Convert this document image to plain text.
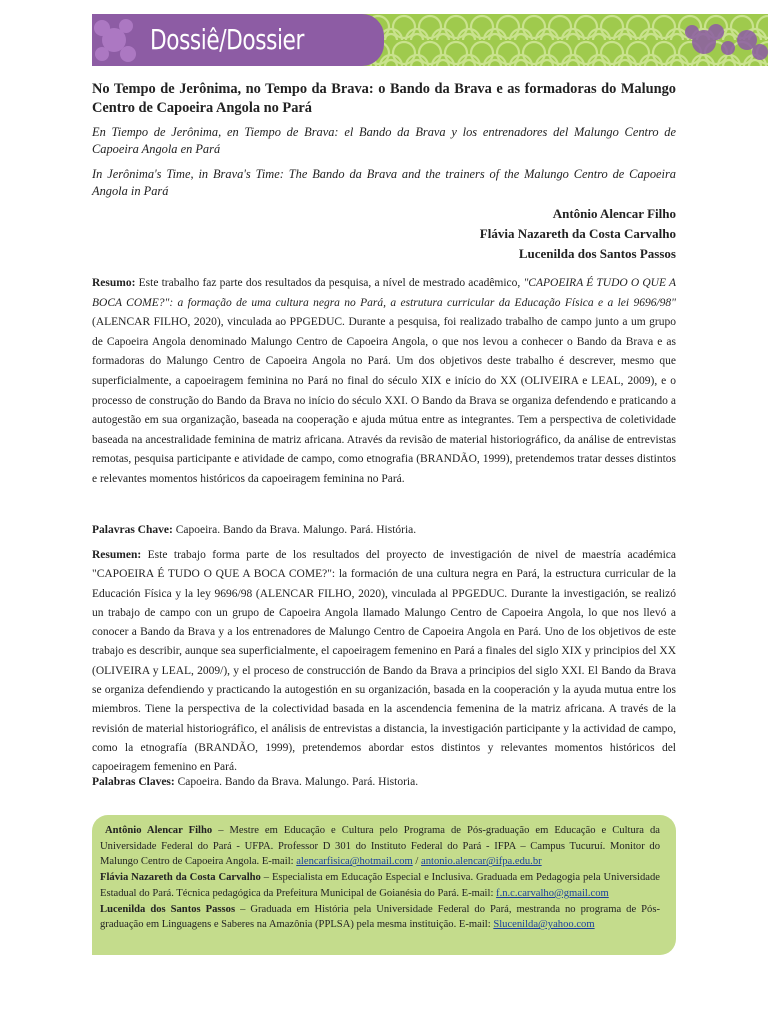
Dossiê/Dossier
No Tempo de Jerônima, no Tempo da Brava: o Bando da Brava e as formadoras do Malungo Centro de Capoeira Angola no Pará
En Tiempo de Jerônima, en Tiempo de Brava: el Bando da Brava y los entrenadores del Malungo Centro de Capoeira Angola en Pará
In Jerônima's Time, in Brava's Time: The Bando da Brava and the trainers of the Malungo Centro de Capoeira Angola in Pará
Antônio Alencar Filho
Flávia Nazareth da Costa Carvalho
Lucenilda dos Santos Passos
Resumo: Este trabalho faz parte dos resultados da pesquisa, a nível de mestrado acadêmico, "CAPOEIRA É TUDO O QUE A BOCA COME?": a formação de uma cultura negra no Pará, a estrutura curricular da Educação Física e a lei 9696/98" (ALENCAR FILHO, 2020), vinculada ao PPGEDUC. Durante a pesquisa, foi realizado trabalho de campo junto a um grupo de Capoeira Angola denominado Malungo Centro de Capoeira Angola, o que nos levou a conhecer o Bando da Brava e as formadoras do Malungo Centro de Capoeira Angola no Pará. Um dos objetivos deste trabalho é descrever, mesmo que superficialmente, a capoeiragem feminina no Pará no final do século XIX e início do XX (OLIVEIRA e LEAL, 2009), e o processo de construção do Bando da Brava no início do século XXI. O Bando da Brava se organiza defendendo e praticando a autogestão em sua organização, baseada na cooperação e ajuda mútua entre as integrantes. Tem a perspectiva de coletividade baseada na ancestralidade feminina de matriz africana. Através da revisão de material historiográfico, da análise de entrevistas remotas, pesquisa participante e atividade de campo, como etnografia (BRANDÃO, 1999), pretendemos tratar desses distintos e relevantes momentos históricos da capoeiragem feminina no Pará.
Palavras Chave: Capoeira. Bando da Brava. Malungo. Pará. História.
Resumen: Este trabajo forma parte de los resultados del proyecto de investigación de nivel de maestría académica "CAPOEIRA É TUDO O QUE A BOCA COME?": la formación de una cultura negra en Pará, la estructura curricular de la Educación Física y la ley 9696/98 (ALENCAR FILHO, 2020), vinculada al PPGEDUC. Durante la investigación, se realizó un trabajo de campo con un grupo de Capoeira Angola llamado Malungo Centro de Capoeira Angola, lo que nos llevó a conocer a Bando da Brava y a los entrenadores de Malungo Centro de Capoeira Angola en Pará. Uno de los objetivos de este trabajo es describir, aunque sea superficialmente, el capoeiragem femenino en Pará a finales del siglo XIX y principios del XX (OLIVEIRA y LEAL, 2009/), y el proceso de construcción de Bando da Brava a principios del siglo XXI. El Bando da Brava se organiza defendiendo y practicando la autogestión en su organización, basada en la cooperación y la ayuda mutua entre los miembros. Tiene la perspectiva de la colectividad basada en la ascendencia femenina de la matriz africana. A través de la revisión de material historiográfico, el análisis de entrevistas a distancia, la investigación participante y la actividad de campo, como la etnografía (BRANDÃO, 1999), pretendemos abordar estos distintos y relevantes momentos históricos del capoeiragem femenino en Pará.
Palabras Claves: Capoeira. Bando da Brava. Malungo. Pará. Historia.

Antônio Alencar Filho – Mestre em Educação e Cultura pelo Programa de Pós-graduação em Educação e Cultura da Universidade Federal do Pará - UFPA. Professor D 301 do Instituto Federal do Pará - IFPA – Campus Tucuruí. Monitor do Malungo Centro de Capoeira Angola. E-mail: alencarfisica@hotmail.com / antonio.alencar@ifpa.edu.br

Flávia Nazareth da Costa Carvalho – Especialista em Educação Especial e Inclusiva. Graduada em Pedagogia pela Universidade Estadual do Pará. Técnica pedagógica da Prefeitura Municipal de Goianésia do Pará. E-mail: f.n.c.carvalho@gmail.com

Lucenilda dos Santos Passos – Graduada em História pela Universidade Federal do Pará, mestranda no programa de Pós-graduação em Linguagens e Saberes na Amazônia (PPLSA) pela mesma instituição. E-mail: Slucenilda@yahoo.com
